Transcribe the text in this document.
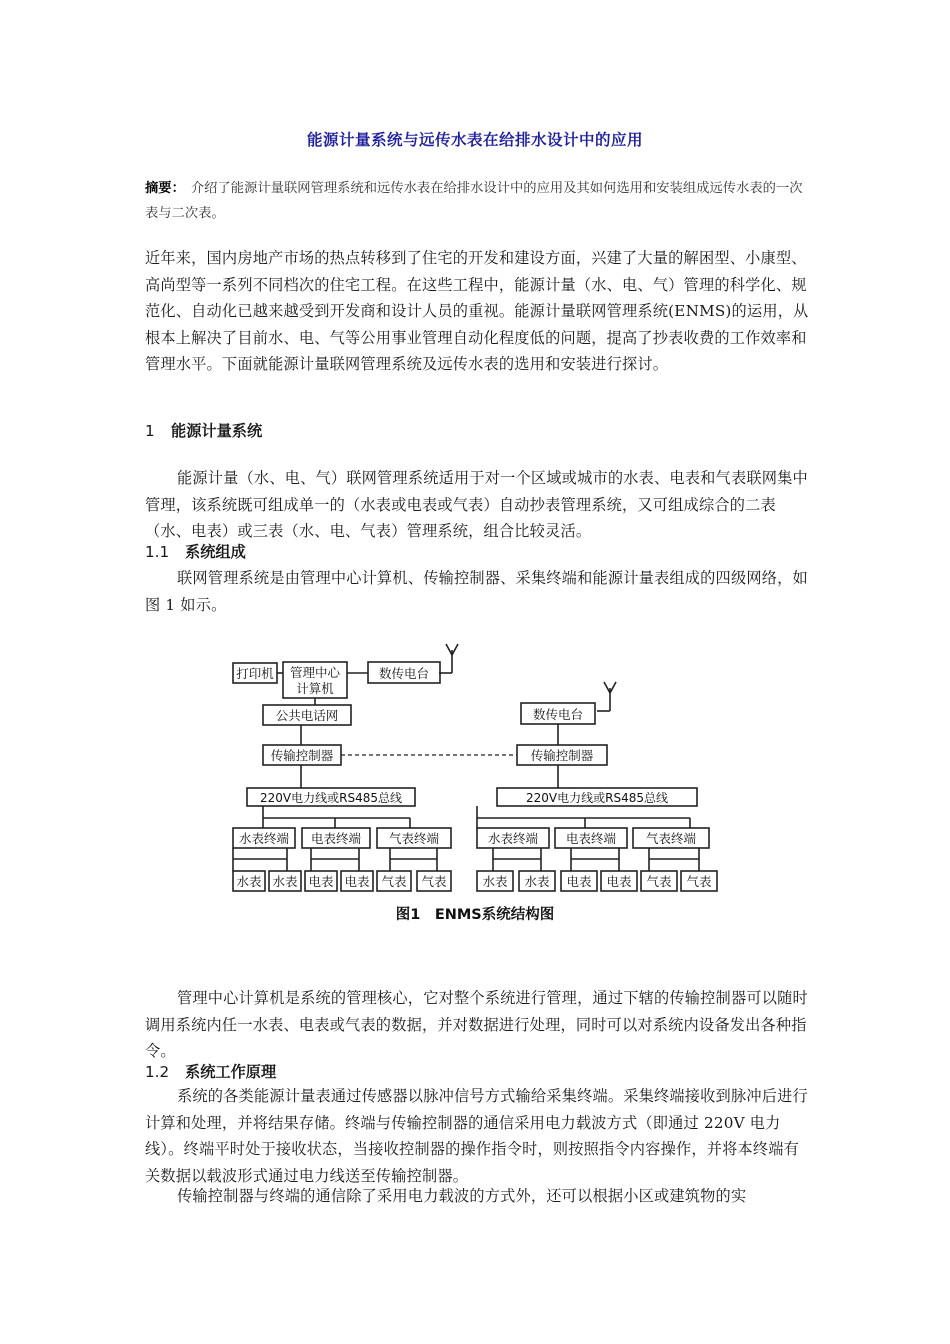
能源计量系统与远传水表在给排水设计中的应用
摘要： 介绍了能源计量联网管理系统和远传水表在给排水设计中的应用及其如何选用和安装组成远传水表的一次表与二次表。
近年来，国内房地产市场的热点转移到了住宅的开发和建设方面，兴建了大量的解困型、小康型、高尚型等一系列不同档次的住宅工程。在这些工程中，能源计量（水、电、气）管理的科学化、规范化、自动化已越来越受到开发商和设计人员的重视。能源计量联网管理系统(ENMS)的运用，从根本上解决了目前水、电、气等公用事业管理自动化程度低的问题，提高了抄表收费的工作效率和管理水平。下面就能源计量联网管理系统及远传水表的选用和安装进行探讨。
1 能源计量系统
能源计量（水、电、气）联网管理系统适用于对一个区域或城市的水表、电表和气表联网集中管理，该系统既可组成单一的（水表或电表或气表）自动抄表管理系统，又可组成综合的二表（水、电表）或三表（水、电、气表）管理系统，组合比较灵活。
1.1 系统组成
联网管理系统是由管理中心计算机、传输控制器、采集终端和能源计量表组成的四级网络，如图 1 如示。
打印机 管理中心
计算机
数传电台
公共电话网
传输控制器
数传电台
传输控制器
220V电力线或RS485总线	220V电力线或RS485总线
水表终端 电表终端 气表终端	水表终端 电表终端 气表终端
水表 水表 电表 电表 气表 气表	水表 水表 电表 电表 气表 气表
图1　ENMS系统结构图
管理中心计算机是系统的管理核心，它对整个系统进行管理，通过下辖的传输控制器可以随时调用系统内任一水表、电表或气表的数据，并对数据进行处理，同时可以对系统内设备发出各种指令。
1.2 系统工作原理
系统的各类能源计量表通过传感器以脉冲信号方式输给采集终端。采集终端接收到脉冲后进行计算和处理，并将结果存储。终端与传输控制器的通信采用电力载波方式（即通过 220V 电力线）。终端平时处于接收状态，当接收控制器的操作指令时，则按照指令内容操作，并将本终端有关数据以载波形式通过电力线送至传输控制器。
传输控制器与终端的通信除了采用电力载波的方式外，还可以根据小区或建筑物的实
